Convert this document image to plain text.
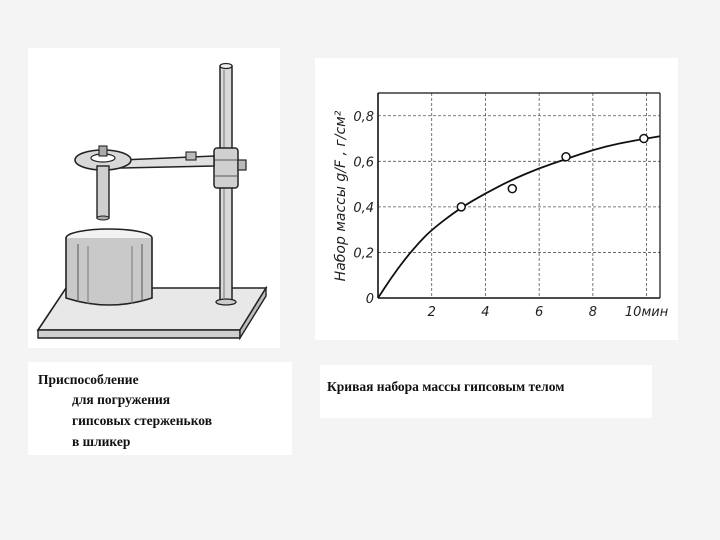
2	4	6	8 10мин
0
0,2
0,4
0,6
0,8
Набор массы g/F , г/см²
Приспособление
для погружения
гипсовых стерженьков
в шликер
Кривая набора массы гипсовым телом
